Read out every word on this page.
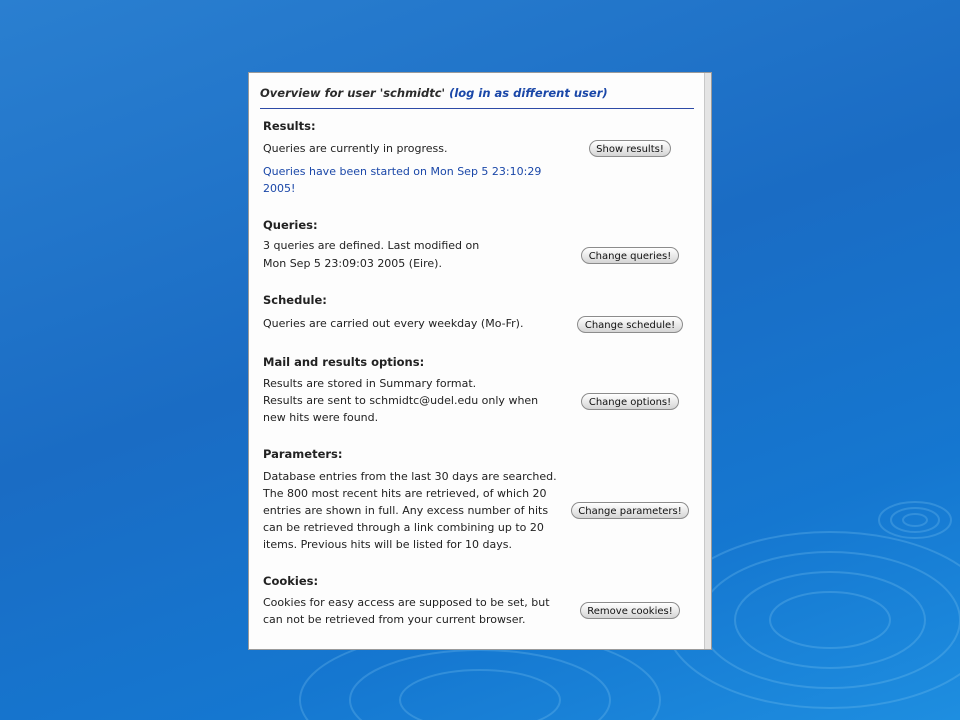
Overview for user 'schmidtc' (log in as different user)
Results:
Queries are currently in progress.
Queries have been started on Mon Sep 5 23:10:29
2005!
Show results!
Queries:
3 queries are defined. Last modified on
Mon Sep 5 23:09:03 2005 (Eire).
Change queries!
Schedule:
Queries are carried out every weekday (Mo-Fr).	Change schedule!
Mail and results options:
Results are stored in Summary format.
Results are sent to schmidtc@udel.edu only when
new hits were found.
Change options!
Parameters:
Database entries from the last 30 days are searched.
The 800 most recent hits are retrieved, of which 20
entries are shown in full. Any excess number of hits
can be retrieved through a link combining up to 20
items. Previous hits will be listed for 10 days.
Change parameters!
Cookies:
Cookies for easy access are supposed to be set, but
can not be retrieved from your current browser.
Remove cookies!
